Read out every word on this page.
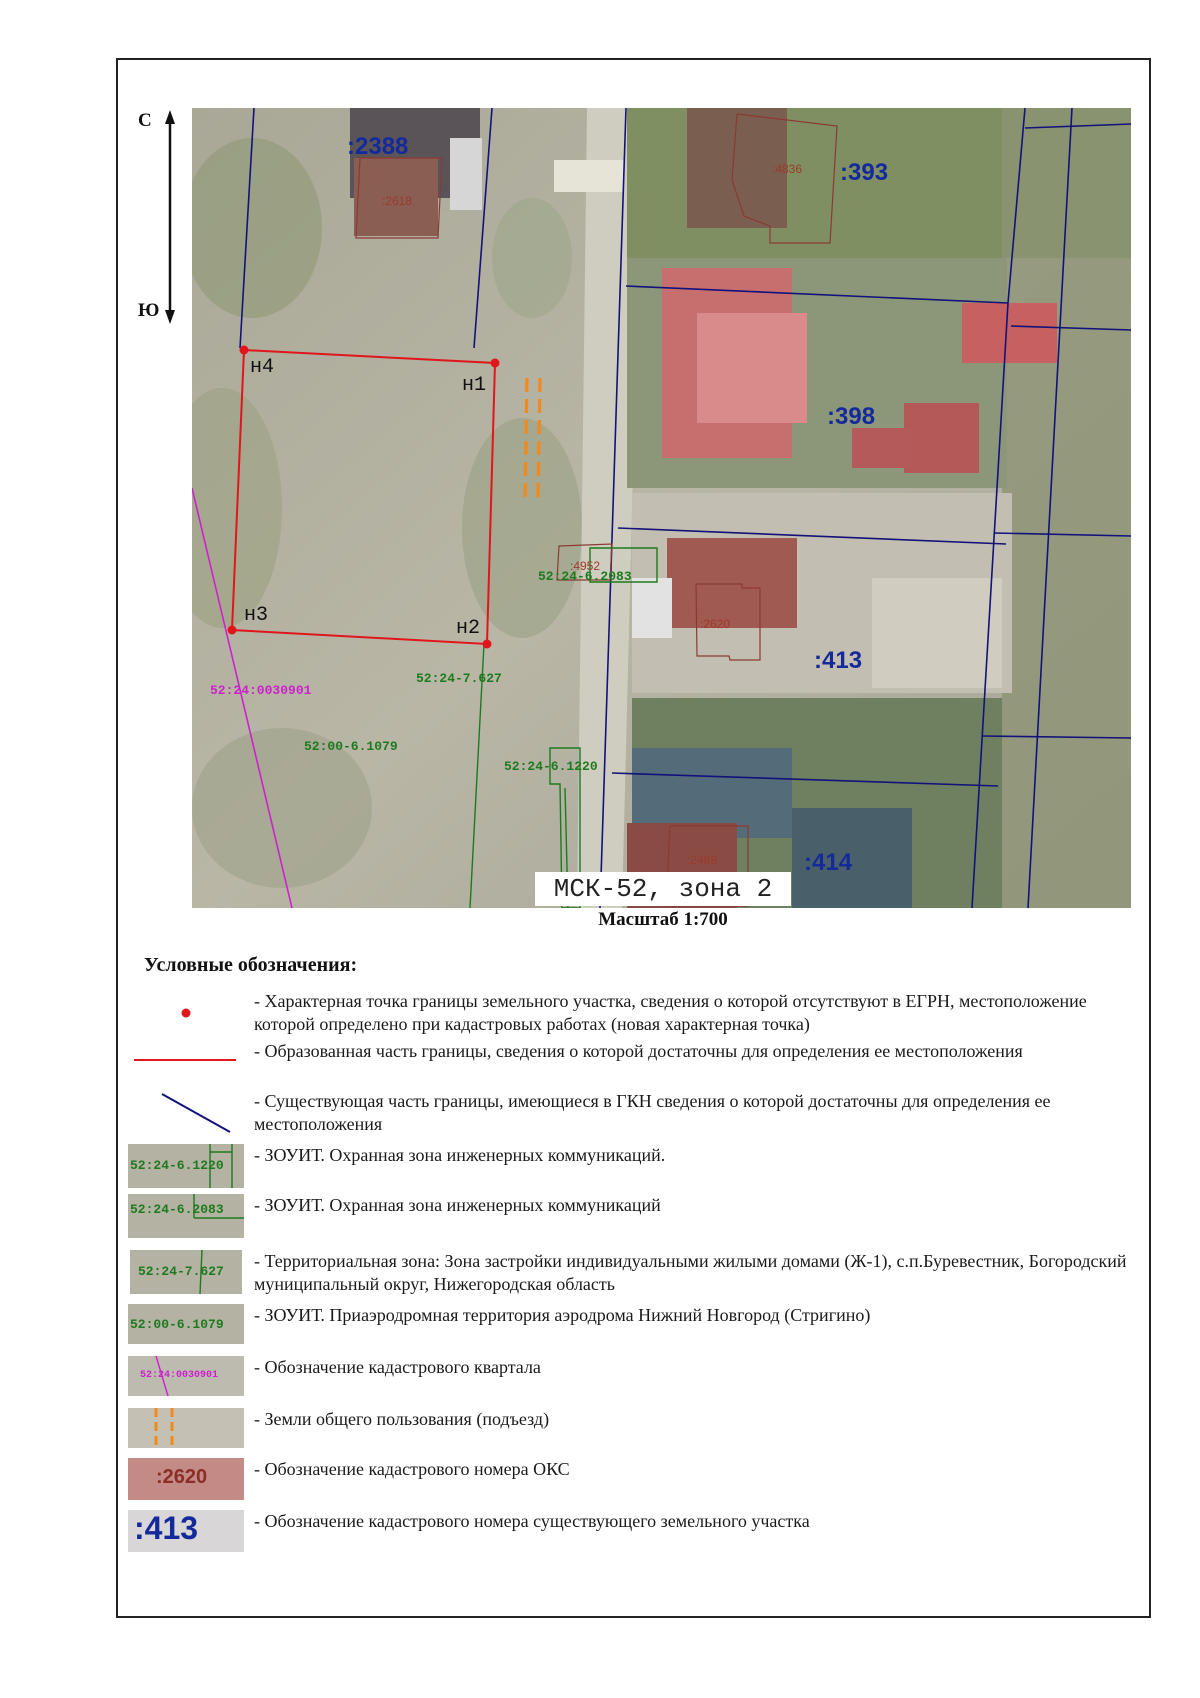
С
Ю
н4
н1
н3
н2
:2388
:393
:398
:413
:414
:2618
:4836
:4952
:2620
:2488
52:24-6.2083
52:24-7.627
52:00-6.1079
52:24-6.1220
52:24:0030901
МСК-52, зона 2
Масштаб 1:700
Условные обозначения:
- Характерная точка границы земельного участка, сведения о которой отсутствуют в ЕГРН, местоположение которой определено при кадастровых работах (новая характерная точка)
- Образованная часть границы, сведения о которой достаточны для определения ее местоположения
- Существующая часть границы, имеющиеся в ГКН сведения о которой достаточны для определения ее местоположения
52:24-6.1220
- ЗОУИТ. Охранная зона инженерных коммуникаций.
52:24-6.2083 - ЗОУИТ. Охранная зона инженерных коммуникаций
52:24-7.627
- Территориальная зона: Зона застройки индивидуальными жилыми домами (Ж-1), с.п.Буревестник, Богородский муниципальный округ, Нижегородская область
52:00-6.1079 - ЗОУИТ. Приаэродромная территория аэродрома Нижний Новгород (Стригино)
52:24:0030901 - Обозначение кадастрового квартала
- Земли общего пользования (подъезд)
:2620	- Обозначение кадастрового номера ОКС
:413	- Обозначение кадастрового номера существующего земельного участка
